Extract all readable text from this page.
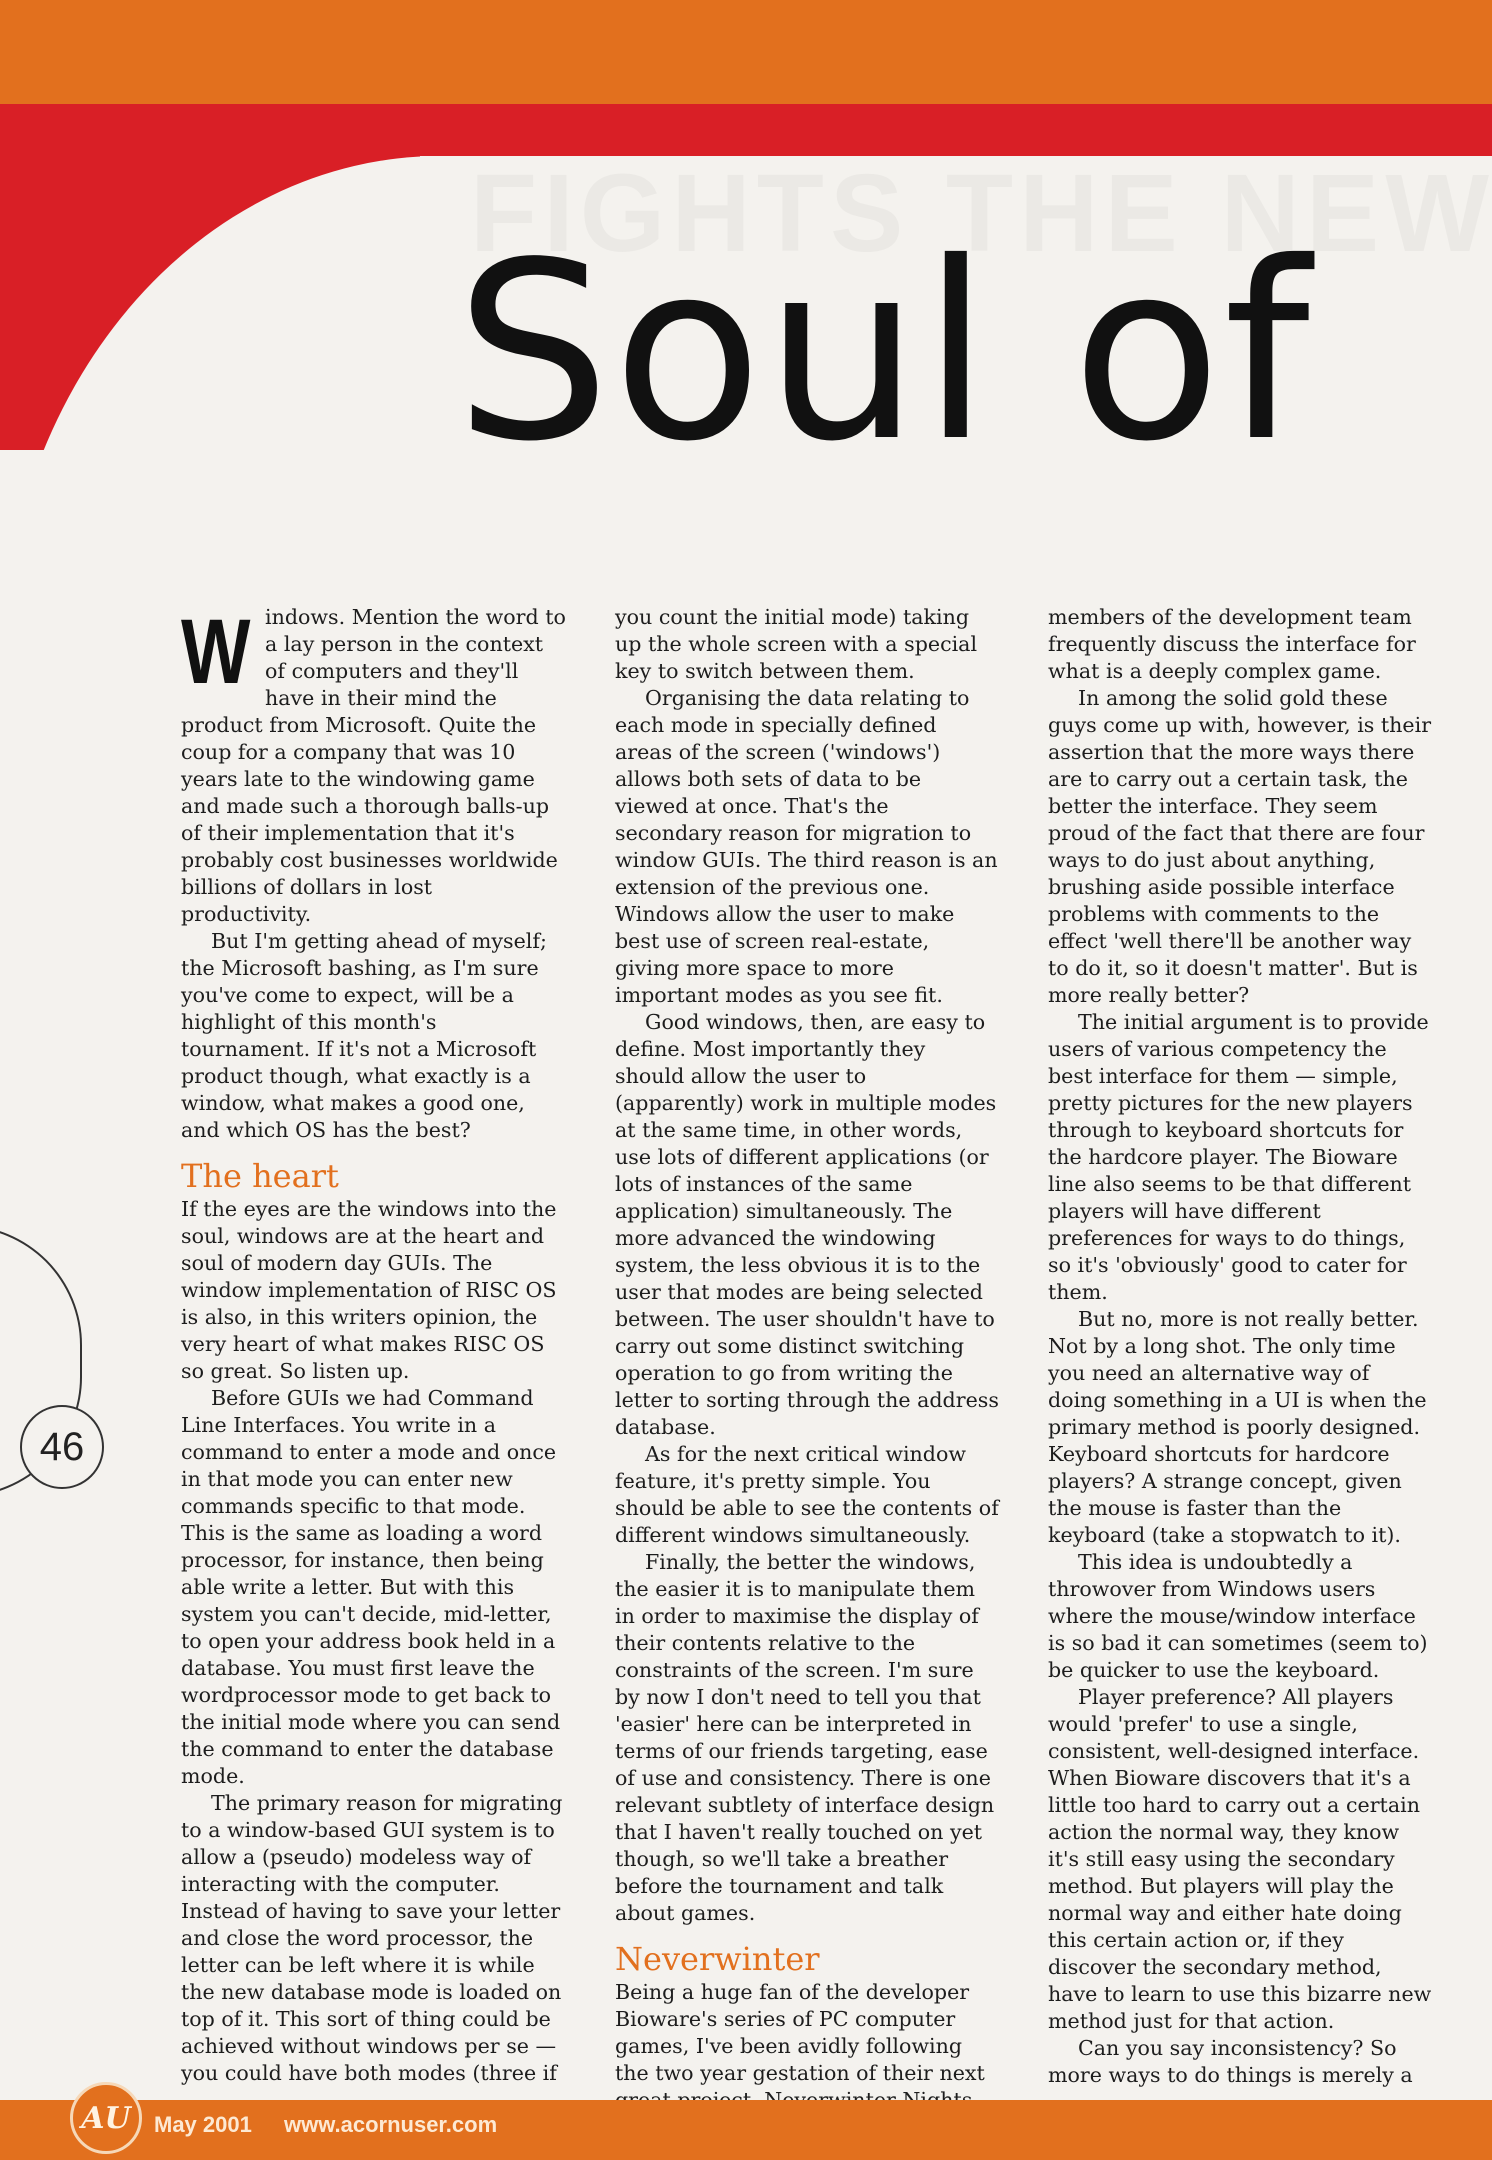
Soul of
46
W indows. Mention the word to a lay person in the context of computers and they'll have in their mind the product from Microsoft. Quite the coup for a company that was 10 years late to the windowing game and made such a thorough balls-up of their implementation that it's probably cost businesses worldwide billions of dollars in lost productivity.

But I'm getting ahead of myself; the Microsoft bashing, as I'm sure you've come to expect, will be a highlight of this month's tournament. If it's not a Microsoft product though, what exactly is a window, what makes a good one, and which OS has the best?

The heart

If the eyes are the windows into the soul, windows are at the heart and soul of modern day GUIs. The window implementation of RISC OS is also, in this writers opinion, the very heart of what makes RISC OS so great. So listen up.

Before GUIs we had Command Line Interfaces. You write in a command to enter a mode and once in that mode you can enter new commands specific to that mode. This is the same as loading a word processor, for instance, then being able write a letter. But with this system you can't decide, mid-letter, to open your address book held in a database. You must first leave the wordprocessor mode to get back to the initial mode where you can send the command to enter the database mode.

The primary reason for migrating to a window-based GUI system is to allow a (pseudo) modeless way of interacting with the computer. Instead of having to save your letter and close the word processor, the letter can be left where it is while the new database mode is loaded on top of it. This sort of thing could be achieved without windows per se — you could have both modes (three if

you count the initial mode) taking up the whole screen with a special key to switch between them.

Organising the data relating to each mode in specially defined areas of the screen ('windows') allows both sets of data to be viewed at once. That's the secondary reason for migration to window GUIs. The third reason is an extension of the previous one. Windows allow the user to make best use of screen real-estate, giving more space to more important modes as you see fit.

Good windows, then, are easy to define. Most importantly they should allow the user to (apparently) work in multiple modes at the same time, in other words, use lots of different applications (or lots of instances of the same application) simultaneously. The more advanced the windowing system, the less obvious it is to the user that modes are being selected between. The user shouldn't have to carry out some distinct switching operation to go from writing the letter to sorting through the address database.

As for the next critical window feature, it's pretty simple. You should be able to see the contents of different windows simultaneously.

Finally, the better the windows, the easier it is to manipulate them in order to maximise the display of their contents relative to the constraints of the screen. I'm sure by now I don't need to tell you that 'easier' here can be interpreted in terms of our friends targeting, ease of use and consistency. There is one relevant subtlety of interface design that I haven't really touched on yet though, so we'll take a breather before the tournament and talk about games.

Neverwinter

Being a huge fan of the developer Bioware's series of PC computer games, I've been avidly following the two year gestation of their next

members of the development team frequently discuss the interface for what is a deeply complex game.

In among the solid gold these guys come up with, however, is their assertion that the more ways there are to carry out a certain task, the better the interface. They seem proud of the fact that there are four ways to do just about anything, brushing aside possible interface problems with comments to the effect 'well there'll be another way to do it, so it doesn't matter'. But is more really better?

The initial argument is to provide users of various competency the best interface for them — simple, pretty pictures for the new players through to keyboard shortcuts for the hardcore player. The Bioware line also seems to be that different players will have different preferences for ways to do things, so it's 'obviously' good to cater for them.

But no, more is not really better. Not by a long shot. The only time you need an alternative way of doing something in a UI is when the primary method is poorly designed. Keyboard shortcuts for hardcore players? A strange concept, given the mouse is faster than the keyboard (take a stopwatch to it).

This idea is undoubtedly a throwover from Windows users where the mouse/window interface is so bad it can sometimes (seem to) be quicker to use the keyboard.

Player preference? All players would 'prefer' to use a single, consistent, well-designed interface. When Bioware discovers that it's a little too hard to carry out a certain action the normal way, they know it's still easy using the secondary method. But players will play the normal way and either hate doing this certain action or, if they discover the secondary method, have to learn to use this bizarre new method just for that action.

Can you say inconsistency? So more ways to do things is merely a

AU	May 2001 www.acornuser.com
